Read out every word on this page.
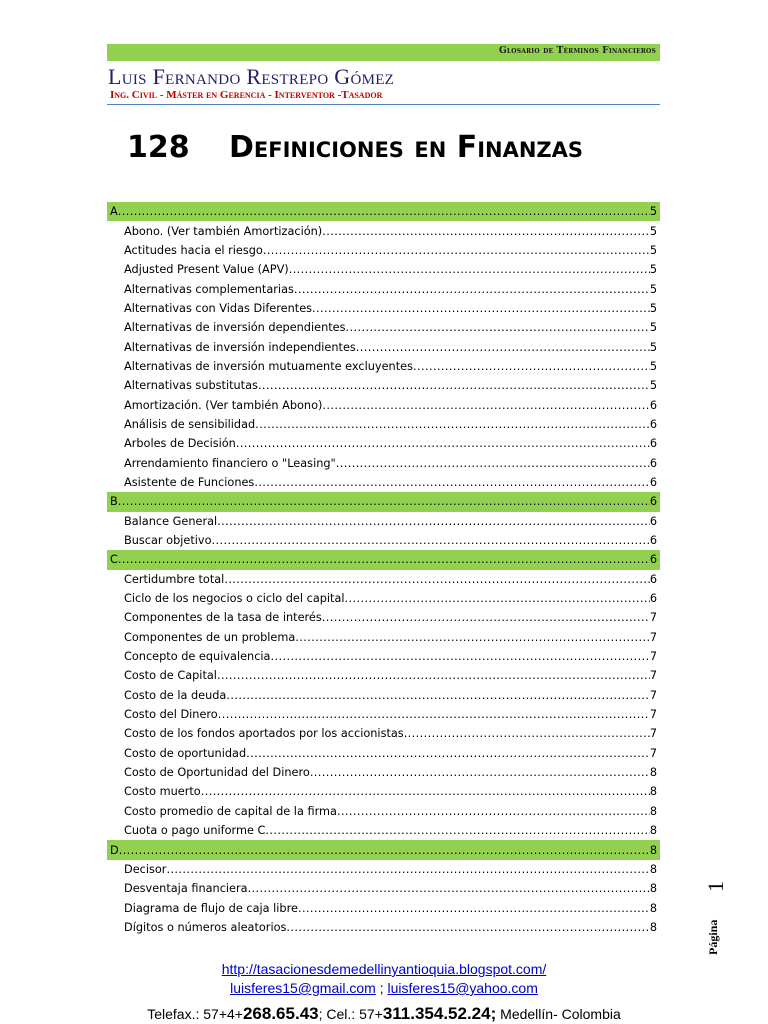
Glosario de Términos Financieros
Luis Fernando Restrepo Gómez
Ing. Civil - Máster en Gerencia - Interventor -Tasador
128 Definiciones en Finanzas
A .....	5
Abono. (Ver también Amortización) .....	5
Actitudes hacia el riesgo .....	5
Adjusted Present Value (APV) .....	5
Alternativas complementarias .....	5
Alternativas con Vidas Diferentes .....	5
Alternativas de inversión dependientes .....	5
Alternativas de inversión independientes .....	5
Alternativas de inversión mutuamente excluyentes .....	5
Alternativas substitutas .....	5
Amortización. (Ver también Abono) .....	6
Análisis de sensibilidad .....	6
Arboles de Decisión .....	6
Arrendamiento financiero o "Leasing" .....	6
Asistente de Funciones .....	6
B .....	6
Balance General .....	6
Buscar objetivo .....	6
C .....	6
Certidumbre total .....	6
Ciclo de los negocios o ciclo del capital .....	6
Componentes de la tasa de interés .....	7
Componentes de un problema .....	7
Concepto de equivalencia .....	7
Costo de Capital .....	7
Costo de la deuda .....	7
Costo del Dinero .....	7
Costo de los fondos aportados por los accionistas .....	7
Costo de oportunidad .....	7
Costo de Oportunidad del Dinero .....	8
Costo muerto .....	8
Costo promedio de capital de la firma .....	8
Cuota o pago uniforme C .....	8
D .....	8
Decisor .....	8
Desventaja financiera .....	8
Diagrama de flujo de caja libre .....	8
Dígitos o números aleatorios .....	8
1
Página
http://tasacionesdemedellinyantioquia.blogspot.com/
luisferes15@gmail.com ; luisferes15@yahoo.com
Telefax.: 57+4+268.65.43; Cel.: 57+311.354.52.24; Medellín- Colombia
